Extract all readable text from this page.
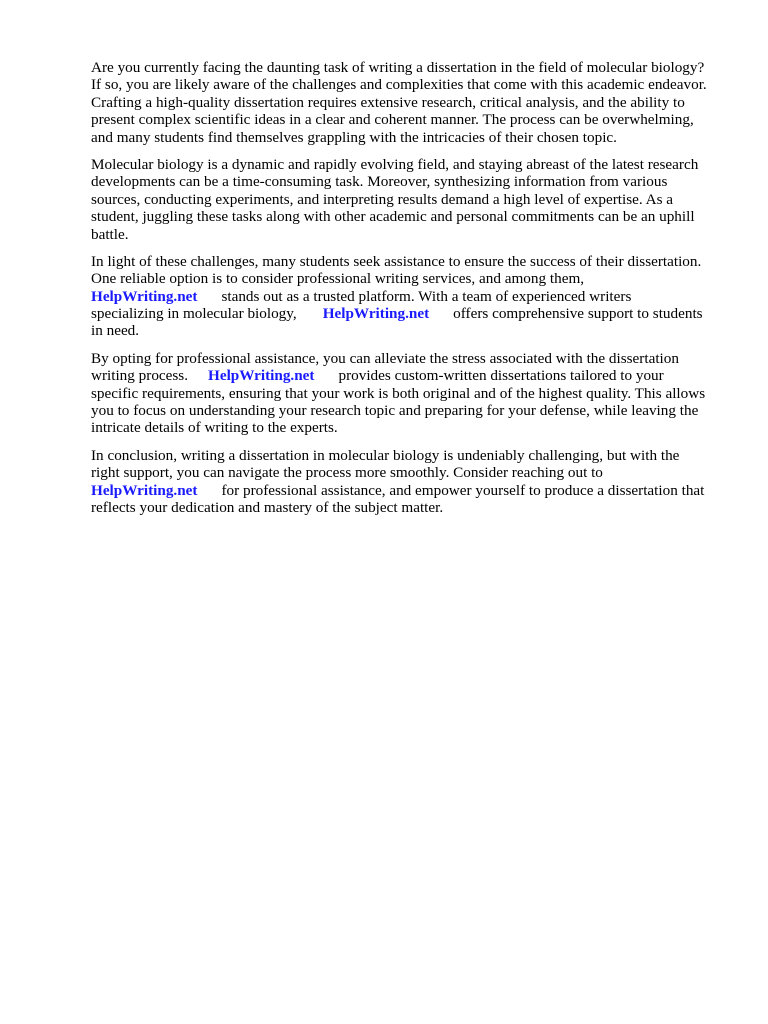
Are you currently facing the daunting task of writing a dissertation in the field of molecular biology?
If so, you are likely aware of the challenges and complexities that come with this academic endeavor.
Crafting a high-quality dissertation requires extensive research, critical analysis, and the ability to
present complex scientific ideas in a clear and coherent manner. The process can be overwhelming,
and many students find themselves grappling with the intricacies of their chosen topic.
Molecular biology is a dynamic and rapidly evolving field, and staying abreast of the latest research
developments can be a time-consuming task. Moreover, synthesizing information from various
sources, conducting experiments, and interpreting results demand a high level of expertise. As a
student, juggling these tasks along with other academic and personal commitments can be an uphill
battle.
In light of these challenges, many students seek assistance to ensure the success of their dissertation.
One reliable option is to consider professional writing services, and among them,
HelpWriting.net stands out as a trusted platform. With a team of experienced writers
specializing in molecular biology, HelpWriting.net offers comprehensive support to students
in need.
By opting for professional assistance, you can alleviate the stress associated with the dissertation
writing process. HelpWriting.net provides custom-written dissertations tailored to your
specific requirements, ensuring that your work is both original and of the highest quality. This allows
you to focus on understanding your research topic and preparing for your defense, while leaving the
intricate details of writing to the experts.
In conclusion, writing a dissertation in molecular biology is undeniably challenging, but with the
right support, you can navigate the process more smoothly. Consider reaching out to
HelpWriting.net for professional assistance, and empower yourself to produce a dissertation that
reflects your dedication and mastery of the subject matter.
